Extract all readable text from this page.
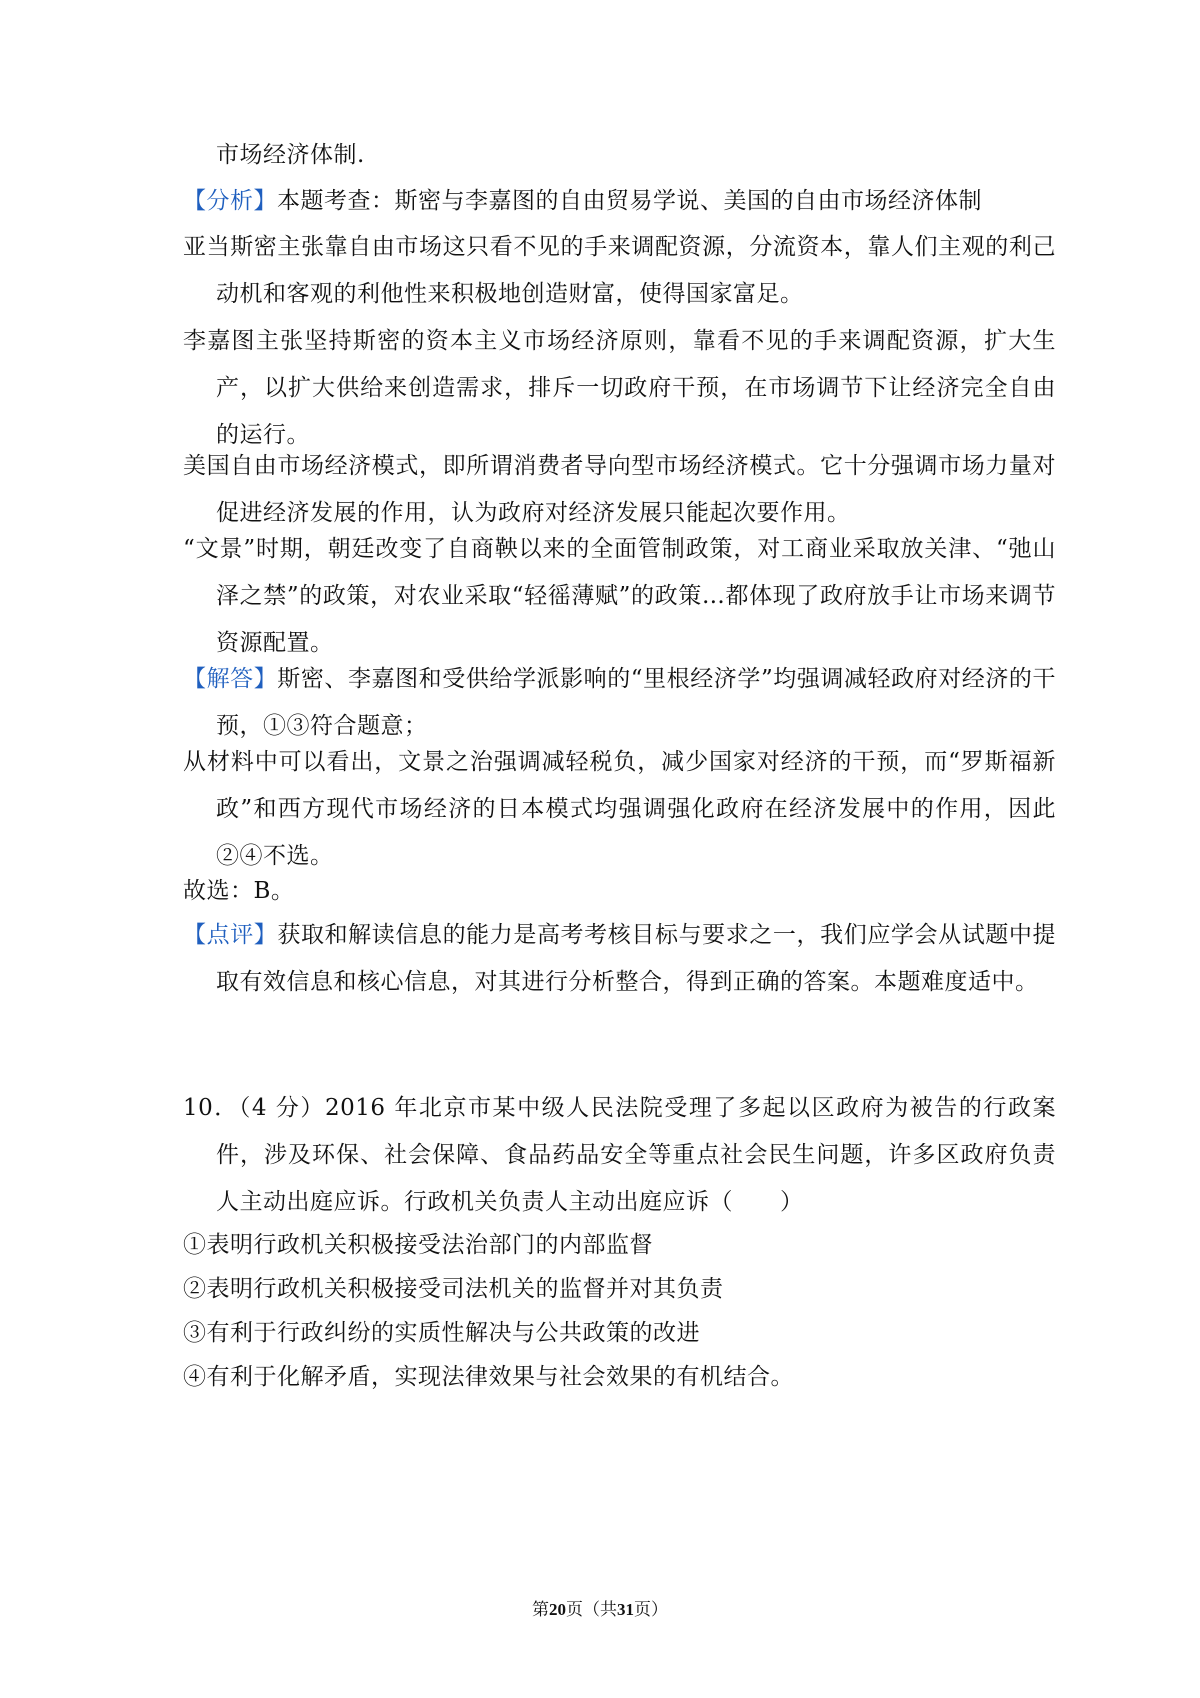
市场经济体制.
【分析】本题考查：斯密与李嘉图的自由贸易学说、美国的自由市场经济体制
亚当斯密主张靠自由市场这只看不见的手来调配资源，分流资本，靠人们主观的利己动机和客观的利他性来积极地创造财富，使得国家富足。
李嘉图主张坚持斯密的资本主义市场经济原则，靠看不见的手来调配资源，扩大生产，以扩大供给来创造需求，排斥一切政府干预，在市场调节下让经济完全自由的运行。
美国自由市场经济模式，即所谓消费者导向型市场经济模式。它十分强调市场力量对促进经济发展的作用，认为政府对经济发展只能起次要作用。
“文景”时期，朝廷改变了自商鞅以来的全面管制政策，对工商业采取放关津、“弛山泽之禁”的政策，对农业采取“轻徭薄赋”的政策…都体现了政府放手让市场来调节资源配置。
【解答】斯密、李嘉图和受供给学派影响的“里根经济学”均强调减轻政府对经济的干预，①③符合题意；
从材料中可以看出，文景之治强调减轻税负，减少国家对经济的干预，而“罗斯福新政”和西方现代市场经济的日本模式均强调强化政府在经济发展中的作用，因此②④不选。
故选：B。
【点评】获取和解读信息的能力是高考考核目标与要求之一，我们应学会从试题中提取有效信息和核心信息，对其进行分析整合，得到正确的答案。本题难度适中。
10．（4 分）2016 年北京市某中级人民法院受理了多起以区政府为被告的行政案件，涉及环保、社会保障、食品药品安全等重点社会民生问题，许多区政府负责人主动出庭应诉。行政机关负责人主动出庭应诉（　　）
①表明行政机关积极接受法治部门的内部监督
②表明行政机关积极接受司法机关的监督并对其负责
③有利于行政纠纷的实质性解决与公共政策的改进
④有利于化解矛盾，实现法律效果与社会效果的有机结合。
第20页（共31页）
